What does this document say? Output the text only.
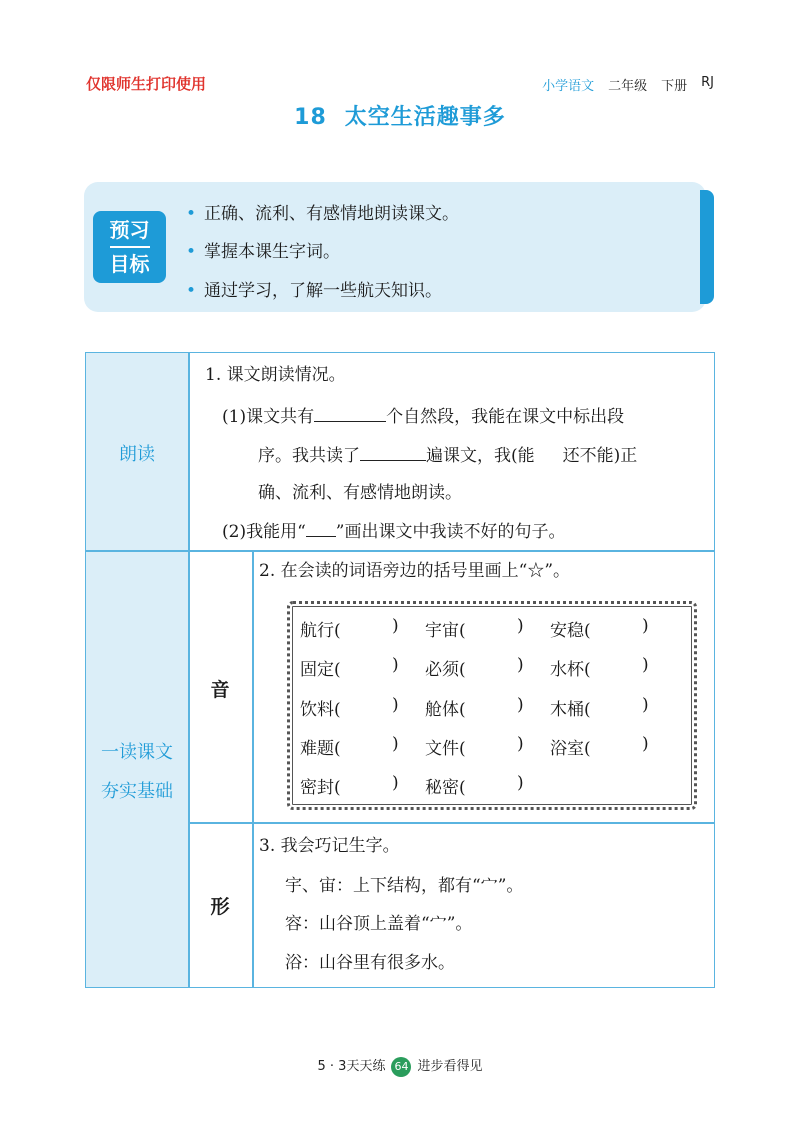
仅限师生打印使用	小学语文 二年级 下册 RJ
18 太空生活趣事多
预习
目标
• 正确、流利、有感情地朗读课文。
• 掌握本课生字词。
• 通过学习，了解一些航天知识。
朗读
一读课文
夯实基础
音
形
1. 课文朗读情况。
(1)课文共有	个自然段，我能在课文中标出段
序。我共读了	遍课文，我(能 还不能)正
确、流利、有感情地朗读。
(2)我能用“ ”画出课文中我读不好的句子。
2. 在会读的词语旁边的括号里画上“☆”。
航行(	) 宇宙(	) 安稳(	)
固定(	) 必须(	) 水杯(	)
饮料(	) 舱体(	) 木桶(	)
难题(	) 文件(	) 浴室(	)
密封(	) 秘密(	)
3. 我会巧记生字。
宇、宙：上下结构，都有“宀”。
容：山谷顶上盖着“宀”。
浴：山谷里有很多水。
5 · 3天天练 64 进步看得见
